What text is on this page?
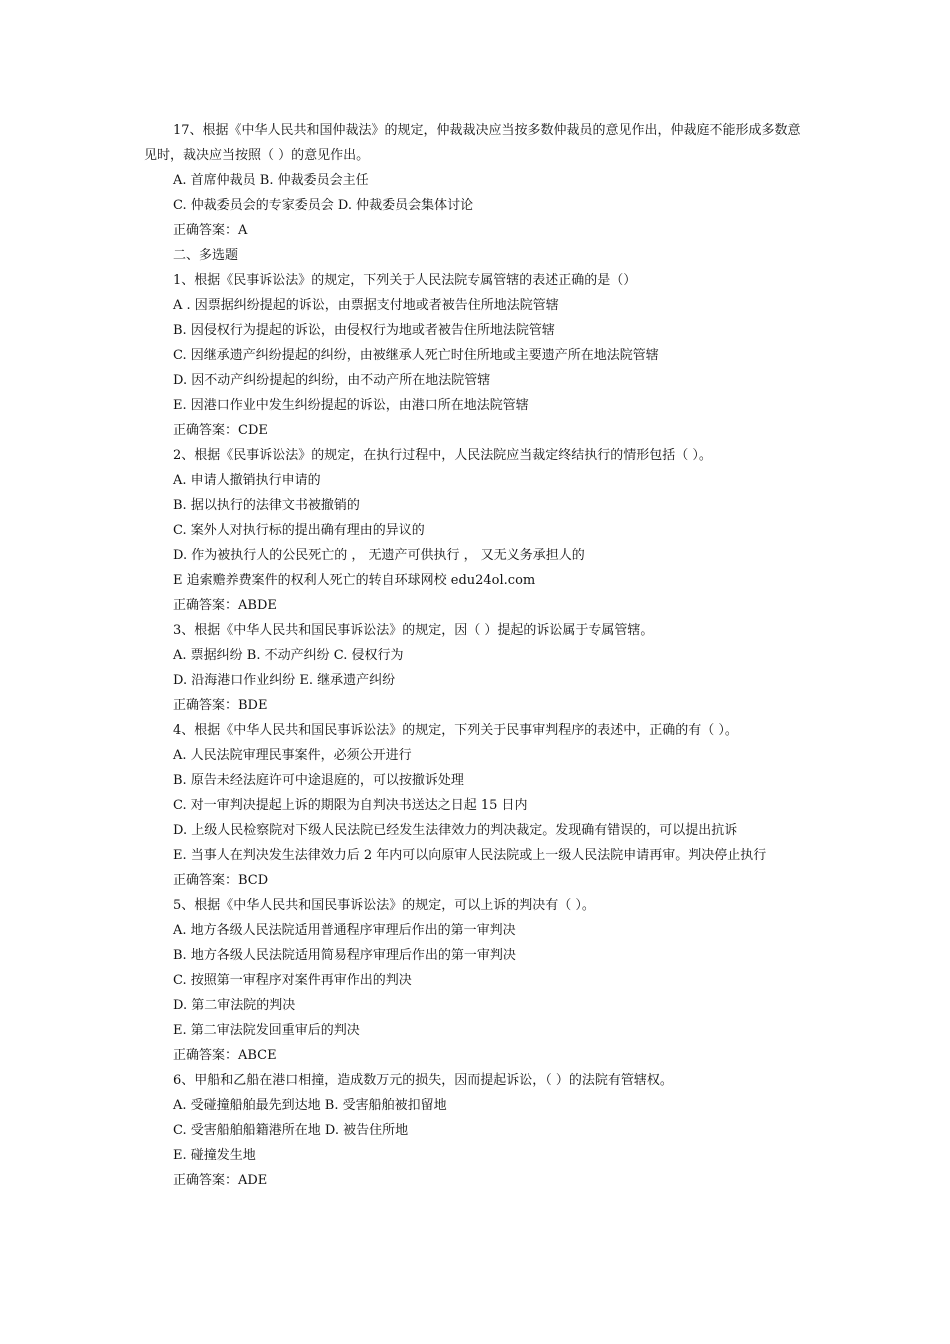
17、根据《中华人民共和国仲裁法》的规定，仲裁裁决应当按多数仲裁员的意见作出，仲裁庭不能形成多数意见时，裁决应当按照（ ）的意见作出。
A. 首席仲裁员 B. 仲裁委员会主任
C. 仲裁委员会的专家委员会 D. 仲裁委员会集体讨论
正确答案：A
二、多选题
1、根据《民事诉讼法》的规定，下列关于人民法院专属管辖的表述正确的是（）
A . 因票据纠纷提起的诉讼，由票据支付地或者被告住所地法院管辖
B. 因侵权行为提起的诉讼，由侵权行为地或者被告住所地法院管辖
C. 因继承遗产纠纷提起的纠纷，由被继承人死亡时住所地或主要遗产所在地法院管辖
D. 因不动产纠纷提起的纠纷，由不动产所在地法院管辖
E. 因港口作业中发生纠纷提起的诉讼，由港口所在地法院管辖
正确答案：CDE
2、根据《民事诉讼法》的规定，在执行过程中，人民法院应当裁定终结执行的情形包括（ ）。
A. 申请人撤销执行申请的
B. 据以执行的法律文书被撤销的
C. 案外人对执行标的提出确有理由的异议的
D. 作为被执行人的公民死亡的 ， 无遗产可供执行 ， 又无义务承担人的
E 追索赡养费案件的权利人死亡的转自环球网校 edu24ol.com
正确答案：ABDE
3、根据《中华人民共和国民事诉讼法》的规定，因（ ）提起的诉讼属于专属管辖。
A. 票据纠纷 B. 不动产纠纷 C. 侵权行为
D. 沿海港口作业纠纷 E. 继承遗产纠纷
正确答案：BDE
4、根据《中华人民共和国民事诉讼法》的规定，下列关于民事审判程序的表述中，正确的有（ ）。
A. 人民法院审理民事案件，必须公开进行
B. 原告未经法庭许可中途退庭的，可以按撤诉处理
C. 对一审判决提起上诉的期限为自判决书送达之日起 15 日内
D. 上级人民检察院对下级人民法院已经发生法律效力的判决裁定。发现确有错误的，可以提出抗诉
E. 当事人在判决发生法律效力后 2 年内可以向原审人民法院或上一级人民法院申请再审。判决停止执行
正确答案：BCD
5、根据《中华人民共和国民事诉讼法》的规定，可以上诉的判决有（ ）。
A. 地方各级人民法院适用普通程序审理后作出的第一审判决
B. 地方各级人民法院适用简易程序审理后作出的第一审判决
C. 按照第一审程序对案件再审作出的判决
D. 第二审法院的判决
E. 第二审法院发回重审后的判决
正确答案：ABCE
6、甲船和乙船在港口相撞，造成数万元的损失，因而提起诉讼，（ ）的法院有管辖权。
A. 受碰撞船舶最先到达地 B. 受害船舶被扣留地
C. 受害船舶船籍港所在地 D. 被告住所地
E. 碰撞发生地
正确答案：ADE
